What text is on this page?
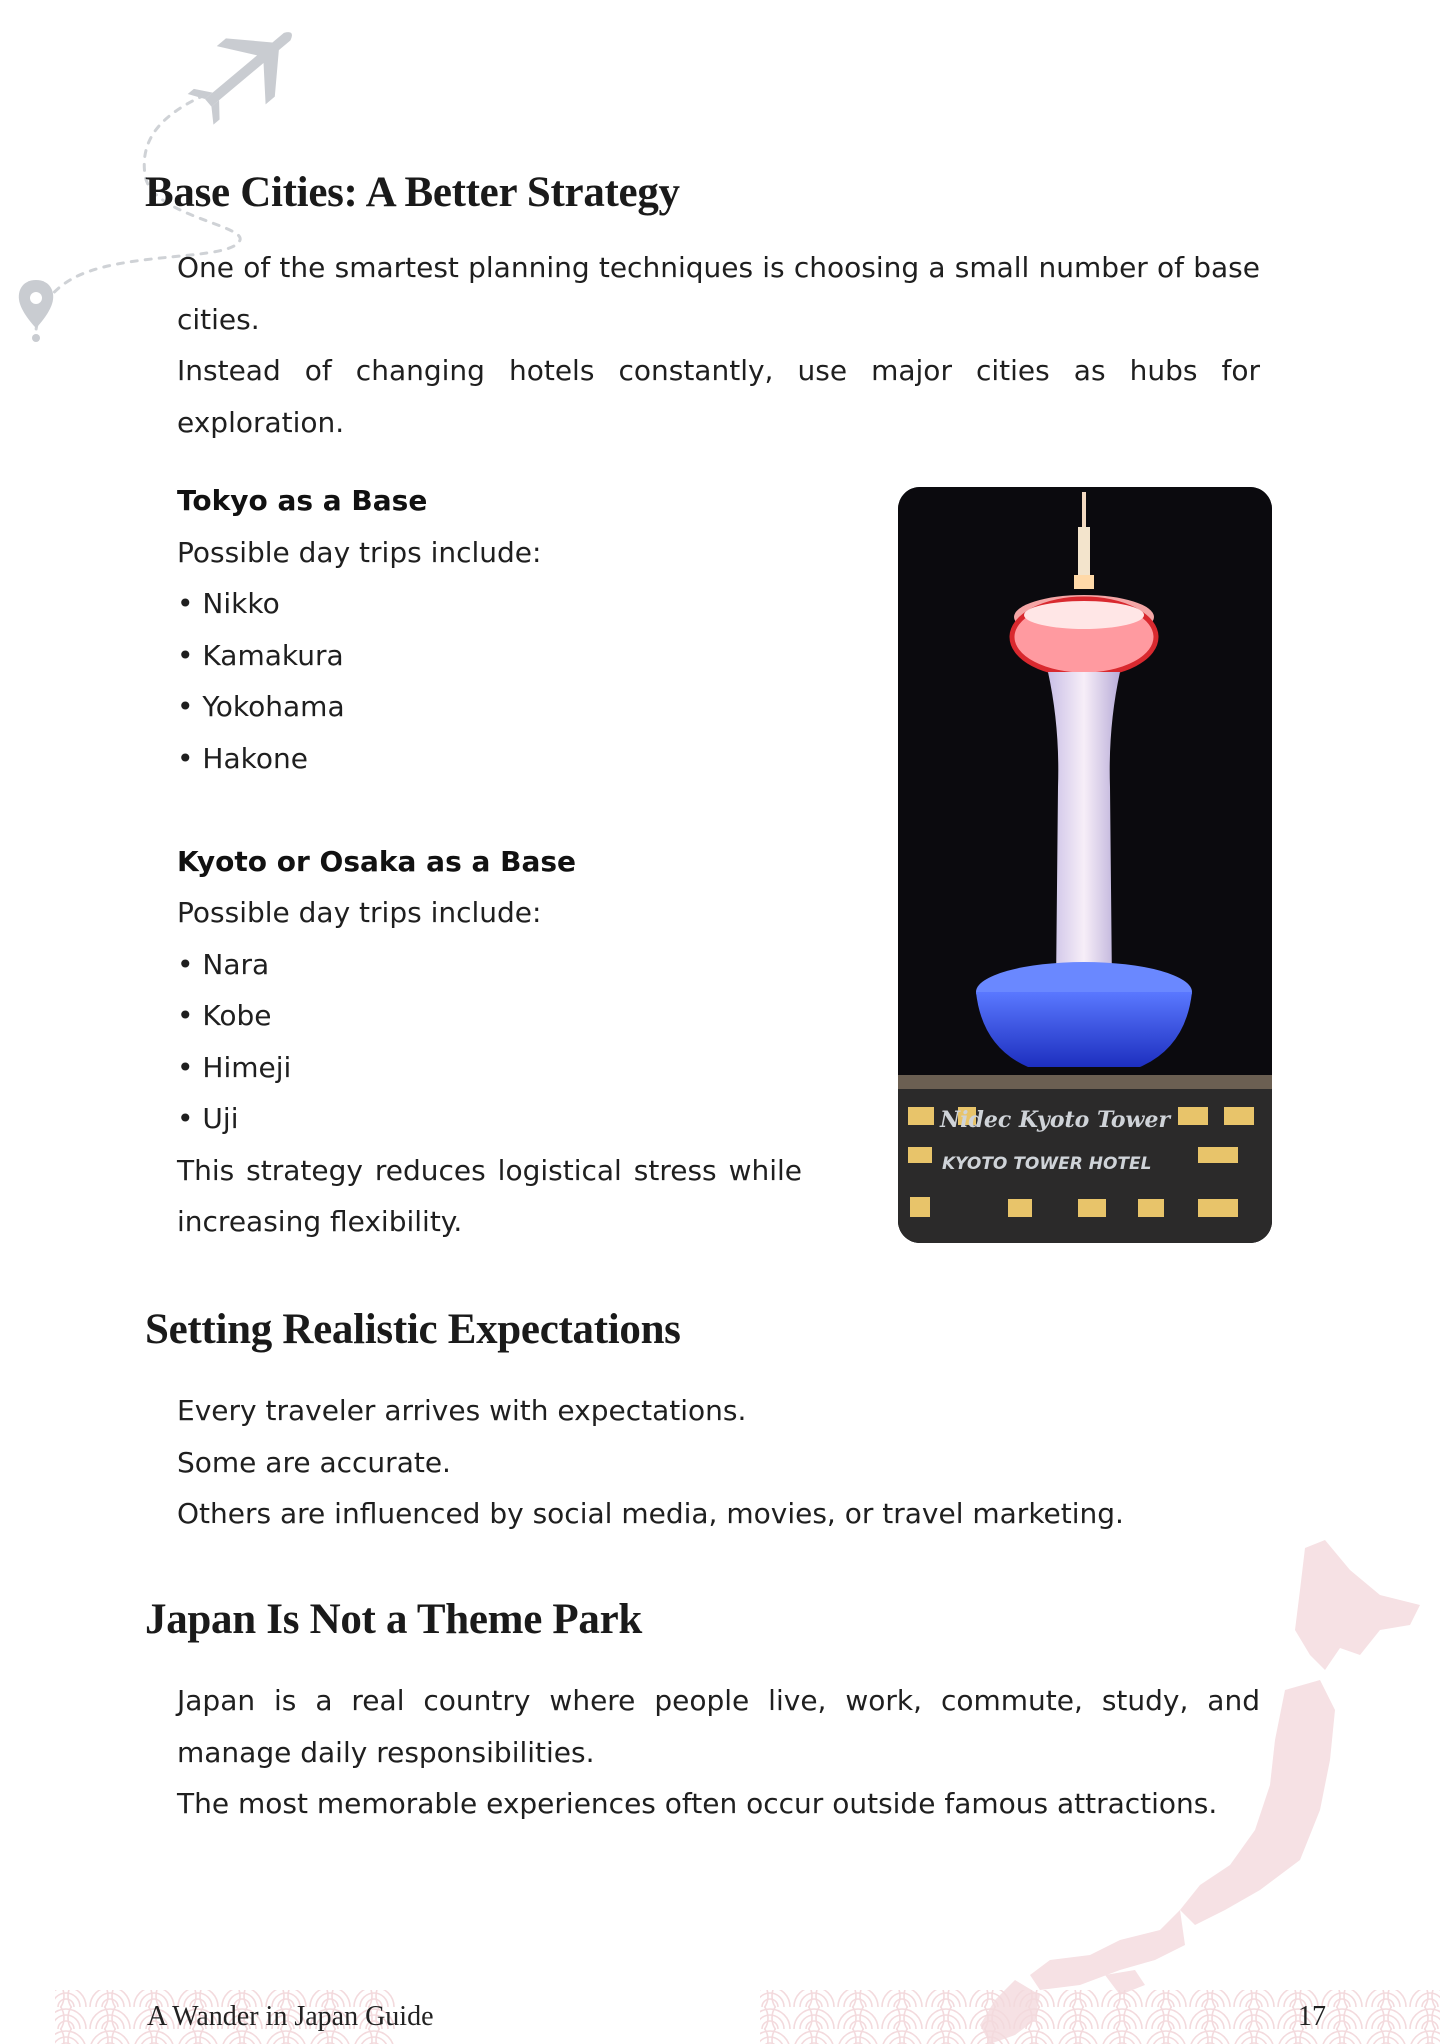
Base Cities: A Better Strategy

One of the smartest planning techniques is choosing a small number of base cities.

Instead of changing hotels constantly, use major cities as hubs for exploration.

Tokyo as a Base

Possible day trips include:

• Nikko

• Kamakura

• Yokohama

• Hakone

Kyoto or Osaka as a Base

Possible day trips include:

• Nara

• Kobe

• Himeji

• Uji

This strategy reduces logistical stress while increasing flexibility.

Nidec Kyoto Tower
KYOTO TOWER HOTEL
Setting Realistic Expectations

Every traveler arrives with expectations.

Some are accurate.

Others are influenced by social media, movies, or travel marketing.

Japan Is Not a Theme Park

Japan is a real country where people live, work, commute, study, and manage daily responsibilities.

The most memorable experiences often occur outside famous attractions.

A Wander in Japan Guide	17
